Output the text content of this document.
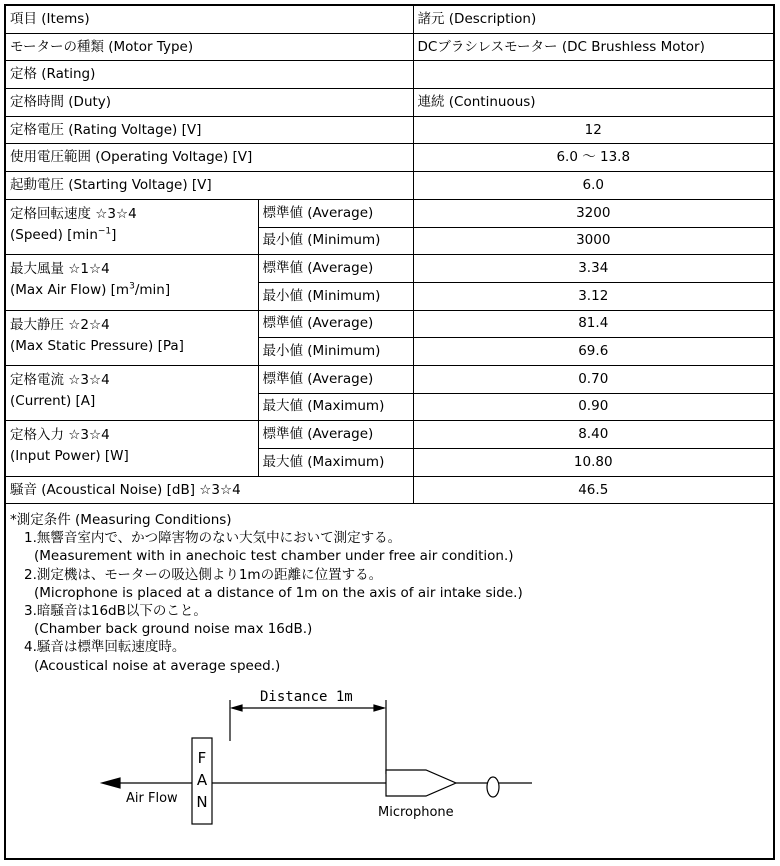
項目 (Items)		諸元 (Description)
モーターの種類 (Motor Type)		DCブラシレスモーター (DC Brushless Motor)
定格 (Rating)		
定格時間 (Duty)		連続 (Continuous)
定格電圧 (Rating Voltage) [V]		12
使用電圧範囲 (Operating Voltage) [V]		6.0 ～ 13.8
起動電圧 (Starting Voltage) [V]		6.0
定格回転速度 ☆3☆4
(Speed) $[\min^{-1}]$	標準値 (Average)	3200
	最小値 (Minimum)	3000
最大風量 ☆1☆4
(Max Air Flow) $[m^3/\min]$	標準値 (Average)	3.34
	最小値 (Minimum)	3.12
最大静圧 ☆2☆4
(Max Static Pressure) [Pa]	標準値 (Average)	81.4
	最小値 (Minimum)	69.6
定格電流 ☆3☆4
(Current) [A]	標準値 (Average)	0.70
	最大値 (Maximum)	0.90
定格入力 ☆3☆4
(Input Power) [W]	標準値 (Average)	8.40
	最大値 (Maximum)	10.80
騒音 (Acoustical Noise) [dB] ☆3☆4		46.5
*測定条件 (Measuring Conditions)
1.無響音室内で、かつ障害物のない大気中において測定する。
(Measurement with in anechoic test chamber under free air condition.)
2.測定機は、モーターの吸込側より1mの距離に位置する。
(Microphone is placed at a distance of 1m on the axis of air intake side.)
3.暗騒音は16dB以下のこと。
(Chamber back ground noise max 16dB.)
4.騒音は標準回転速度時。
(Acoustical noise at average speed.)
Distance 1m
F
A
N
Air Flow
Microphone
